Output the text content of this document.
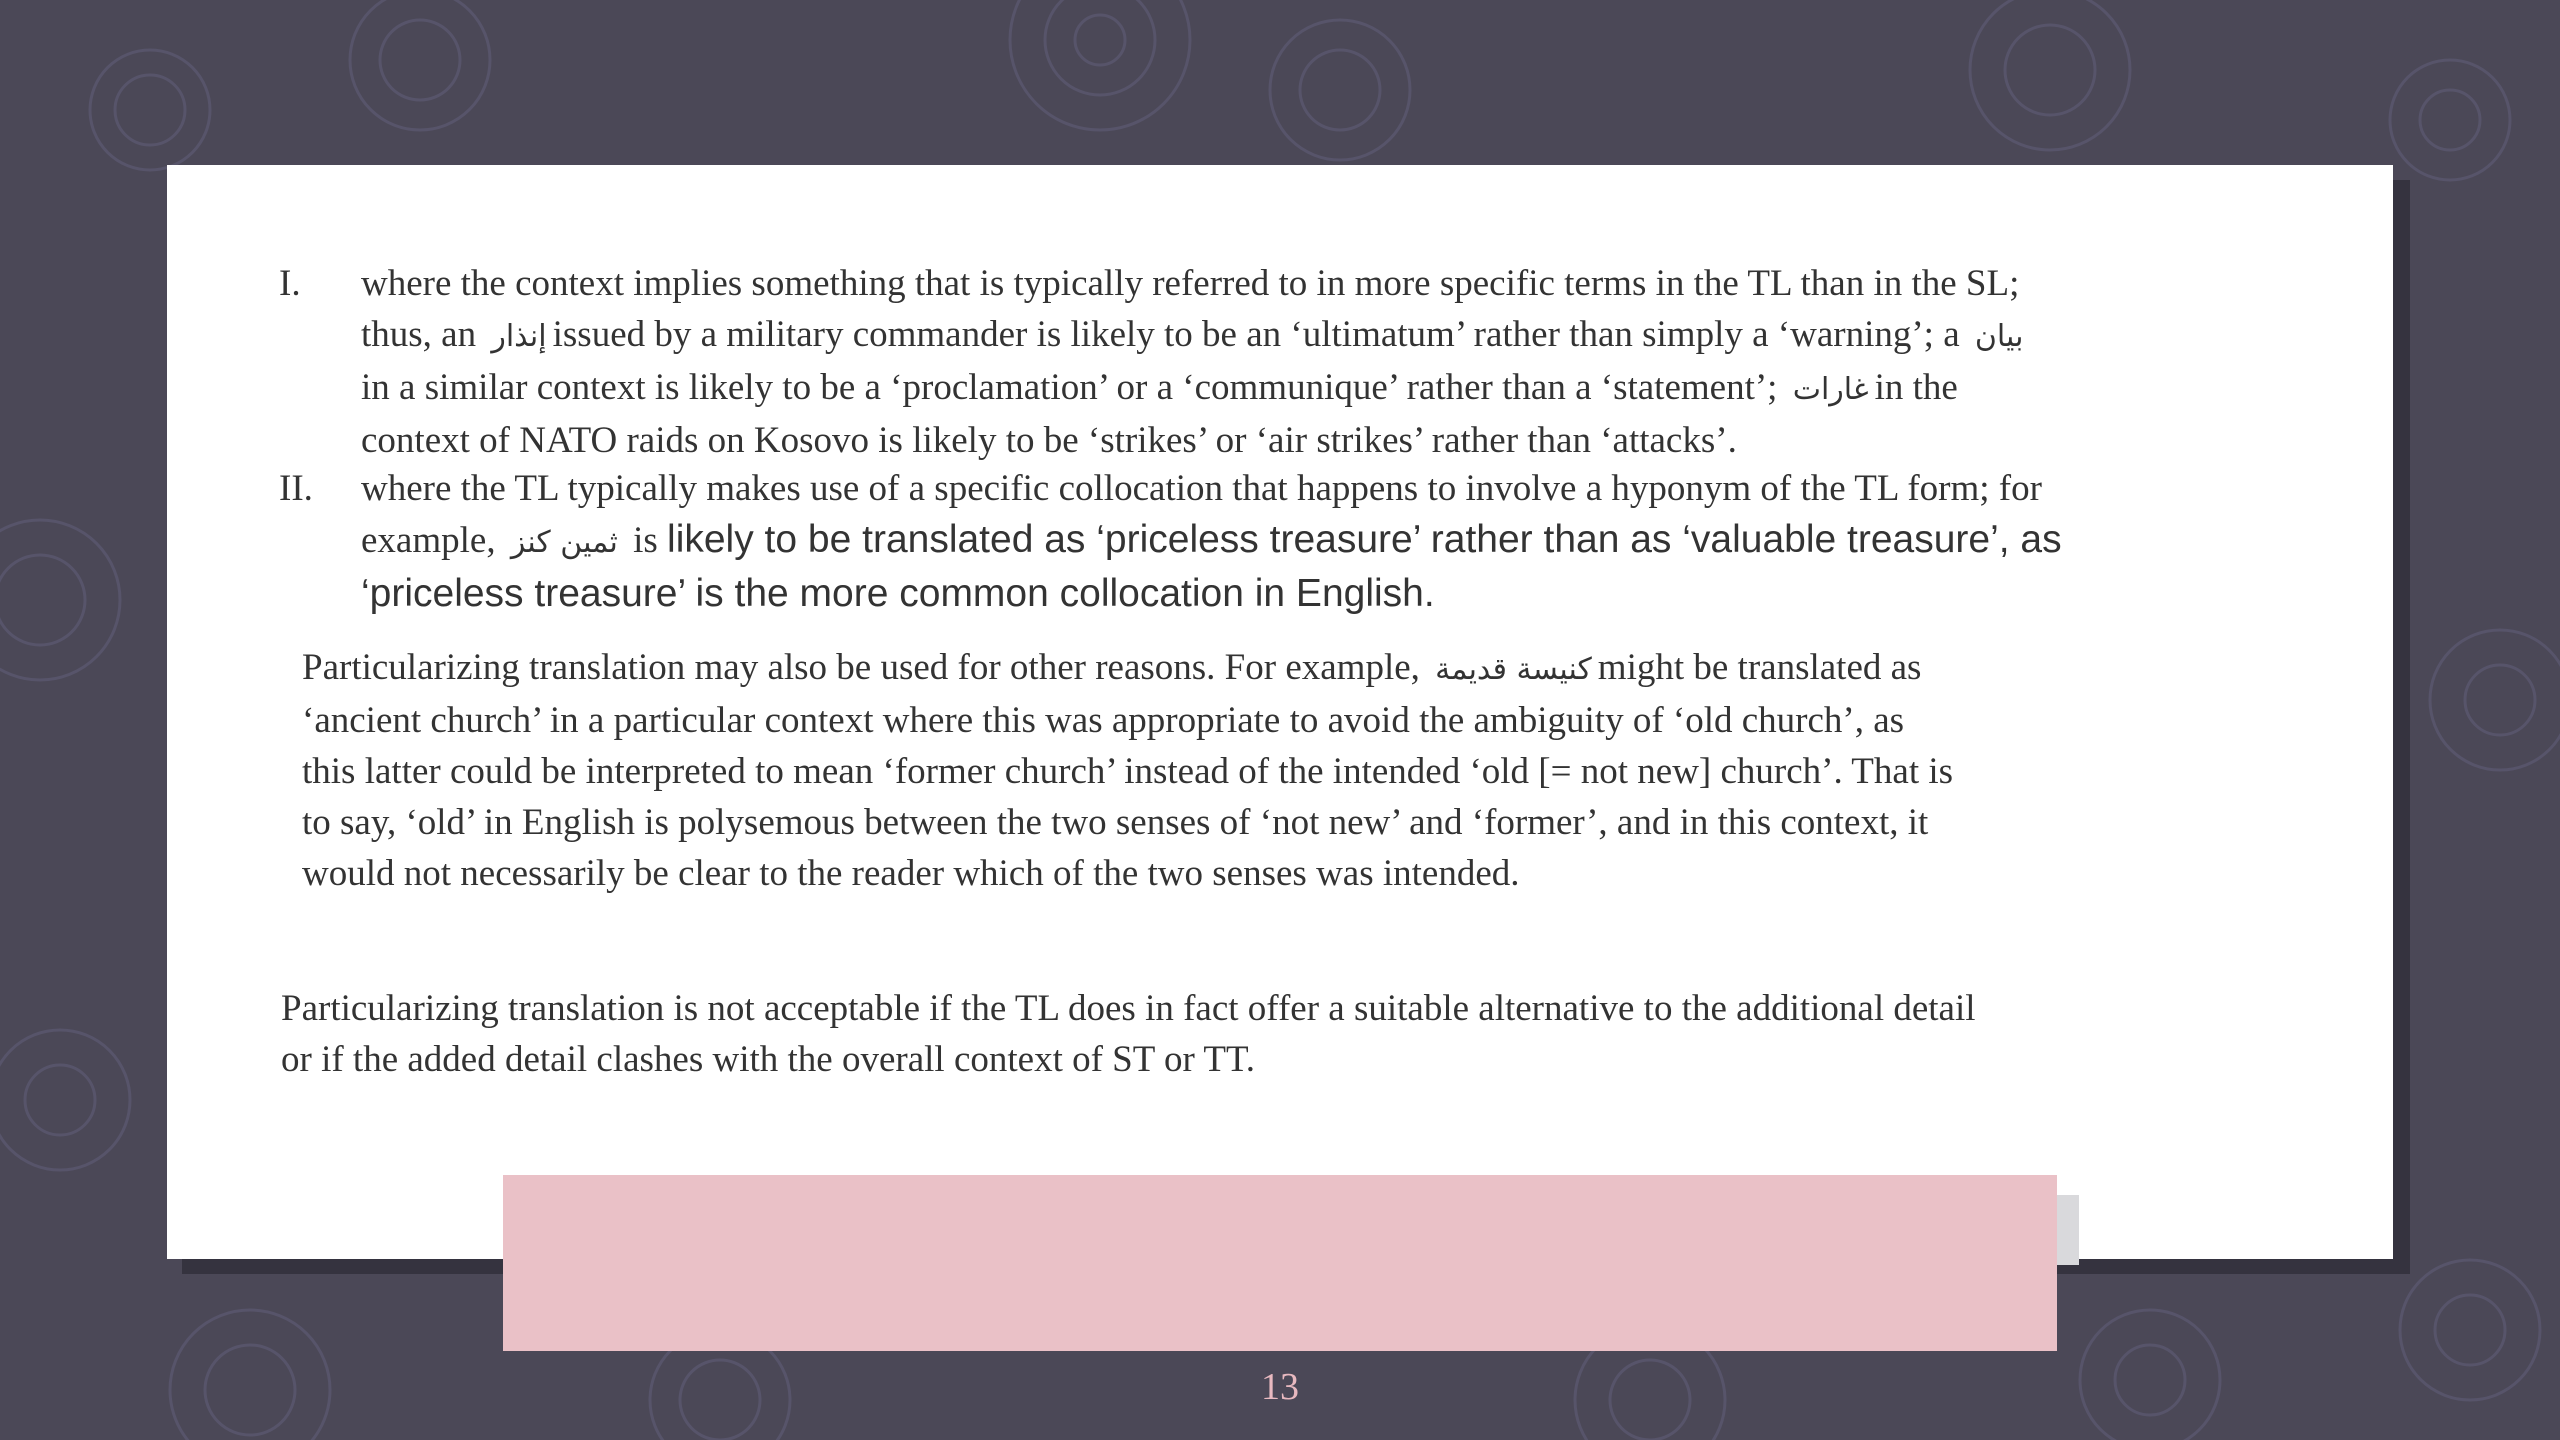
I.	where the context implies something that is typically referred to in more specific terms in the TL than in the SL;
thus, an إنذار issued by a military commander is likely to be an ‘ultimatum’ rather than simply a ‘warning’; a بيان
in a similar context is likely to be a ‘proclamation’ or a ‘communique’ rather than a ‘statement’; غارات in the
context of NATO raids on Kosovo is likely to be ‘strikes’ or ‘air strikes’ rather than ‘attacks’.
II.	where the TL typically makes use of a specific collocation that happens to involve a hyponym of the TL form; for
example, ثمين كنز is likely to be translated as ‘priceless treasure’ rather than as ‘valuable treasure’, as
‘priceless treasure’ is the more common collocation in English.
Particularizing translation may also be used for other reasons. For example, كنيسة قديمة might be translated as
‘ancient church’ in a particular context where this was appropriate to avoid the ambiguity of ‘old church’, as
this latter could be interpreted to mean ‘former church’ instead of the intended ‘old [= not new] church’. That is
to say, ‘old’ in English is polysemous between the two senses of ‘not new’ and ‘former’, and in this context, it
would not necessarily be clear to the reader which of the two senses was intended.
Particularizing translation is not acceptable if the TL does in fact offer a suitable alternative to the additional detail
or if the added detail clashes with the overall context of ST or TT.
13
